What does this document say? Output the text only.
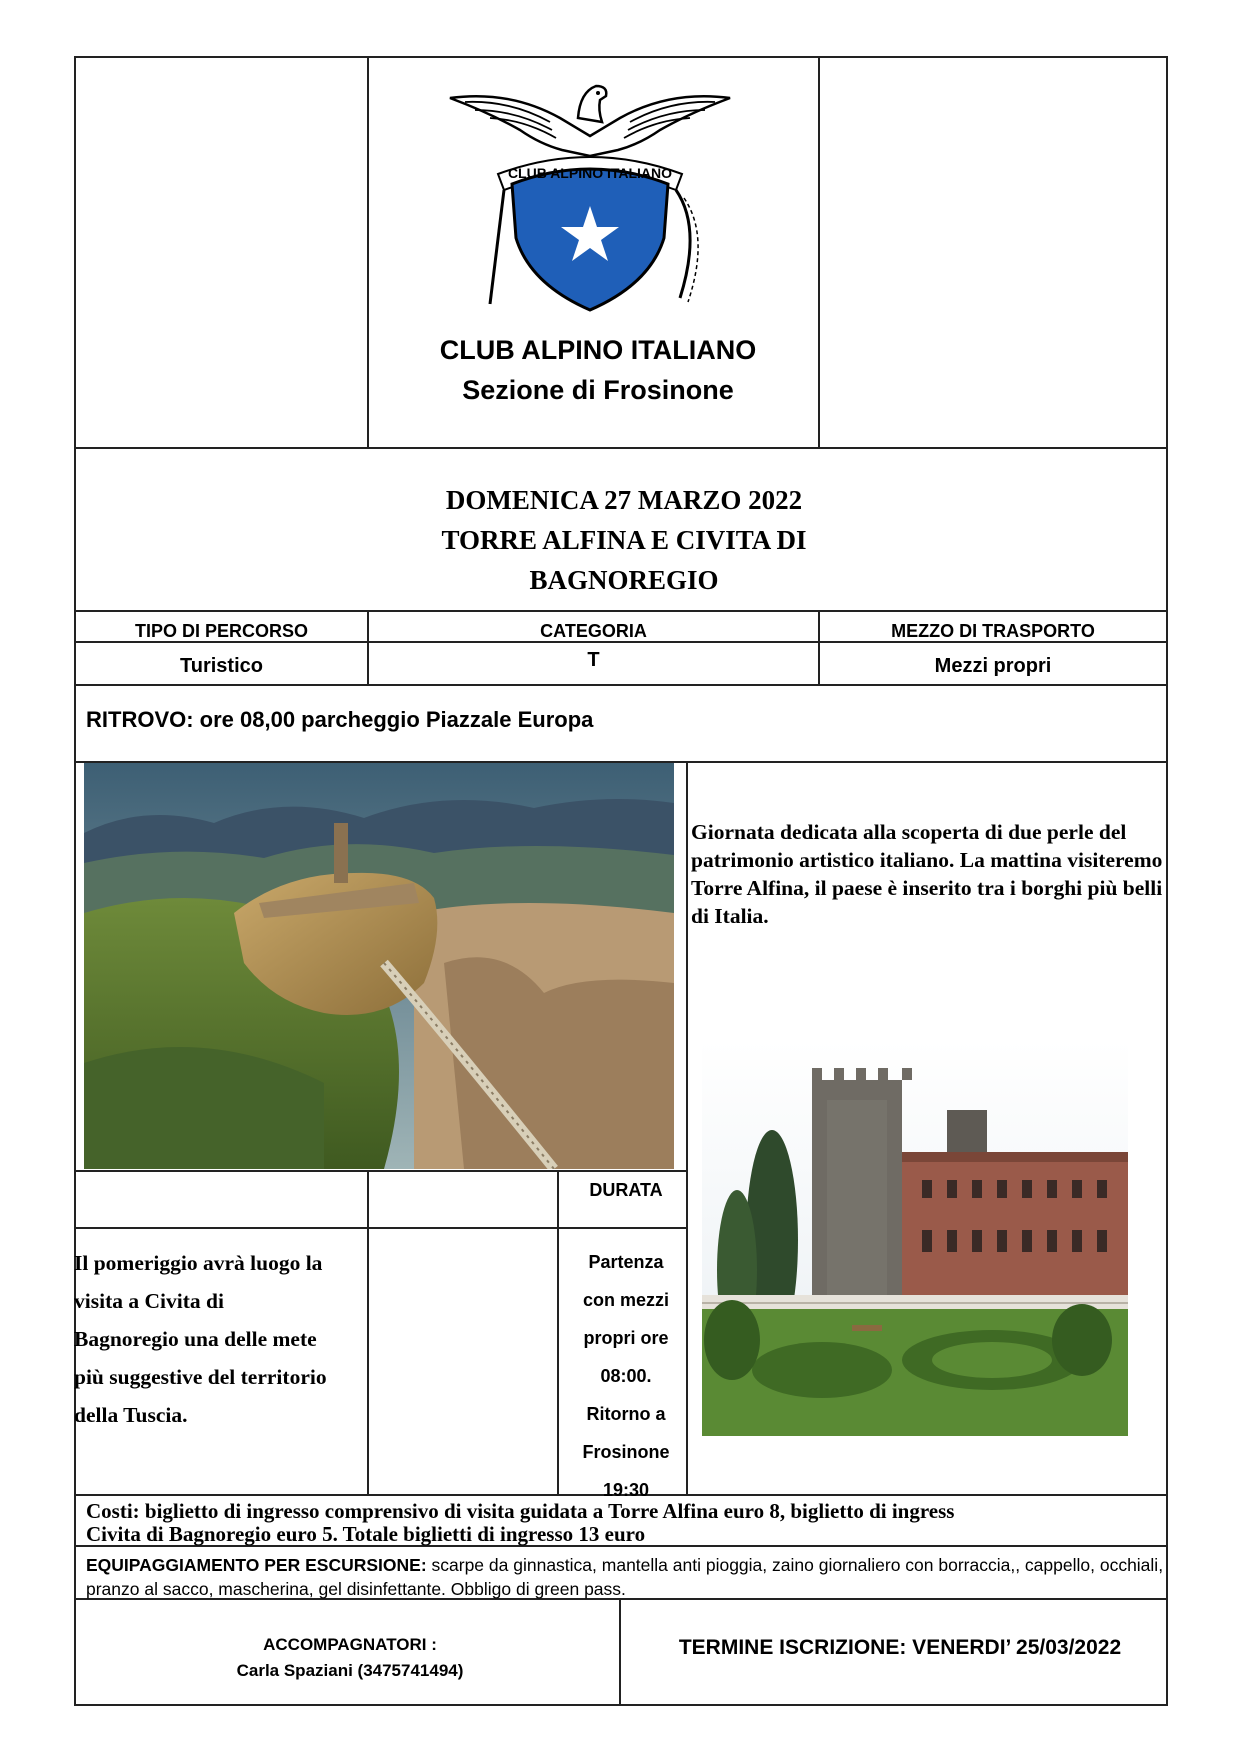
CLUB ALPINO ITALIANO
CLUB ALPINO ITALIANO
Sezione di Frosinone
DOMENICA 27 MARZO 2022
TORRE ALFINA E CIVITA DI
BAGNOREGIO
TIPO DI PERCORSO	CATEGORIA	MEZZO DI TRASPORTO
Turistico	T	Mezzi propri
RITROVO: ore 08,00 parcheggio Piazzale Europa
Giornata dedicata alla scoperta di due perle del patrimonio artistico italiano. La mattina visiteremo Torre Alfina, il paese è inserito tra i borghi più belli di Italia.
DURATA
Il pomeriggio avrà luogo la
visita a Civita di
Bagnoregio una delle mete
più suggestive del territorio
della Tuscia.
Partenza
con mezzi
propri ore
08:00.
Ritorno a
Frosinone
19:30
Costi: biglietto di ingresso comprensivo di visita guidata a Torre Alfina euro 8, biglietto di ingress
Civita di Bagnoregio euro 5. Totale biglietti di ingresso 13 euro
EQUIPAGGIAMENTO PER ESCURSIONE: scarpe da ginnastica, mantella anti pioggia, zaino giornaliero con borraccia,, cappello, occhiali, pranzo al sacco, mascherina, gel disinfettante. Obbligo di green pass.
ACCOMPAGNATORI :
Carla Spaziani (3475741494)
TERMINE ISCRIZIONE: VENERDI’ 25/03/2022
